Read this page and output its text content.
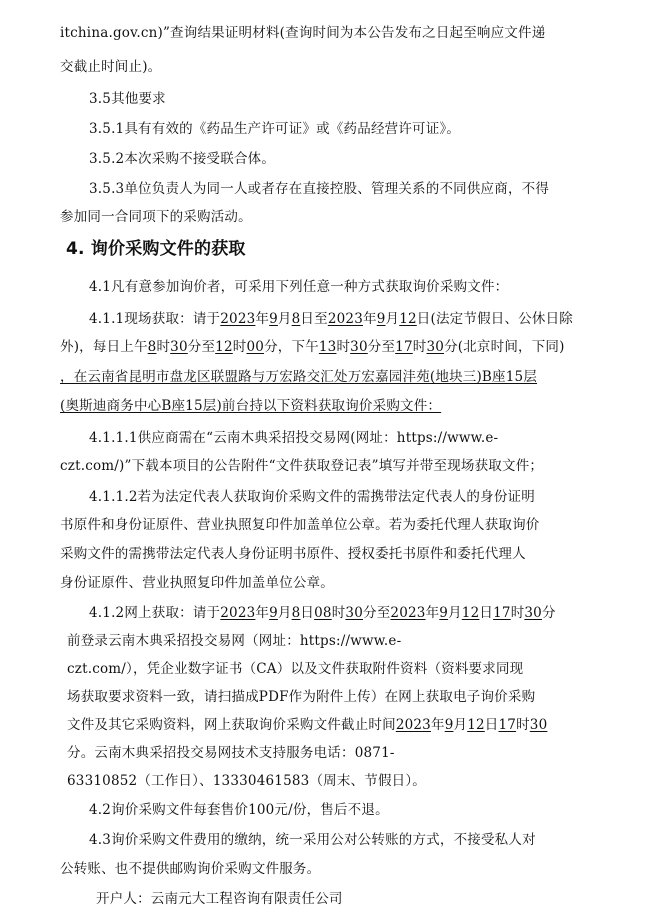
itchina.gov.cn)”查询结果证明材料(查询时间为本公告发布之日起至响应文件递
交截止时间止)。
3.5其他要求
3.5.1具有有效的《药品生产许可证》或《药品经营许可证》。
3.5.2本次采购不接受联合体。
3.5.3单位负责人为同一人或者存在直接控股、管理关系的不同供应商，不得
参加同一合同项下的采购活动。
4. 询价采购文件的获取
4.1凡有意参加询价者，可采用下列任意一种方式获取询价采购文件：
4.1.1现场获取：请于2023年9月8日至2023年9月12日(法定节假日、公休日除
外)，每日上午8时30分至12时00分，下午13时30分至17时30分(北京时间，下同)
，在云南省昆明市盘龙区联盟路与万宏路交汇处万宏嘉园沣苑(地块三)B座15层
(奥斯迪商务中心B座15层)前台持以下资料获取询价采购文件：
4.1.1.1供应商需在“云南木典采招投交易网(网址：https://www.e-
czt.com/)”下载本项目的公告附件“文件获取登记表”填写并带至现场获取文件；
4.1.1.2若为法定代表人获取询价采购文件的需携带法定代表人的身份证明
书原件和身份证原件、营业执照复印件加盖单位公章。若为委托代理人获取询价
采购文件的需携带法定代表人身份证明书原件、授权委托书原件和委托代理人
身份证原件、营业执照复印件加盖单位公章。
4.1.2网上获取：请于2023年9月8日08时30分至2023年9月12日17时30分
前登录云南木典采招投交易网（网址：https://www.e-
czt.com/），凭企业数字证书（CA）以及文件获取附件资料（资料要求同现
场获取要求资料一致，请扫描成PDF作为附件上传）在网上获取电子询价采购
文件及其它采购资料，网上获取询价采购文件截止时间2023年9月12日17时30
分。云南木典采招投交易网技术支持服务电话：0871-
63310852（工作日）、13330461583（周末、节假日）。
4.2询价采购文件每套售价100元/份，售后不退。
4.3询价采购文件费用的缴纳，统一采用公对公转账的方式，不接受私人对
公转账、也不提供邮购询价采购文件服务。
开户人：云南元大工程咨询有限责任公司
